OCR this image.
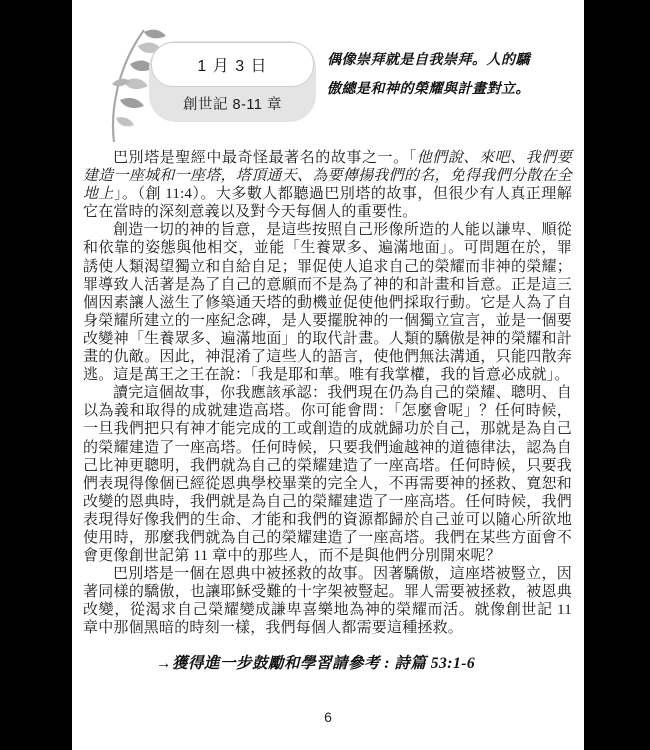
1 月 3 日
創世記 8-11 章
偶像崇拜就是自我崇拜。人的驕傲總是和神的榮耀與計畫對立。

巴別塔是聖經中最奇怪最著名的故事之一。「他們說、來吧、我們要建造一座城和一座塔，塔頂通天、為要傳揚我們的名，免得我們分散在全地上」。（創 11:4）。大多數人都聽過巴別塔的故事，但很少有人真正理解它在當時的深刻意義以及對今天每個人的重要性。

創造一切的神的旨意，是這些按照自己形像所造的人能以謙卑、順從和依靠的姿態與他相交，並能「生養眾多、遍滿地面」。可問題在於，罪誘使人類渴望獨立和自給自足；罪促使人追求自己的榮耀而非神的榮耀；罪導致人活著是為了自己的意願而不是為了神的和計畫和旨意。正是這三個因素讓人滋生了修築通天塔的動機並促使他們採取行動。它是人為了自身榮耀所建立的一座紀念碑，是人要擺脫神的一個獨立宣言，並是一個要改變神「生養眾多、遍滿地面」的取代計畫。人類的驕傲是神的榮耀和計畫的仇敵。因此，神混淆了這些人的語言，使他們無法溝通，只能四散奔逃。這是萬王之王在說：「我是耶和華。唯有我掌權，我的旨意必成就」。

讀完這個故事，你我應該承認：我們現在仍為自己的榮耀、聰明、自以為義和取得的成就建造高塔。你可能會問：「怎麼會呢」？任何時候，一旦我們把只有神才能完成的工或創造的成就歸功於自己，那就是為自己的榮耀建造了一座高塔。任何時候，只要我們逾越神的道德律法，認為自己比神更聰明，我們就為自己的榮耀建造了一座高塔。任何時候，只要我們表現得像個已經從恩典學校畢業的完全人，不再需要神的拯救、寬恕和改變的恩典時，我們就是為自己的榮耀建造了一座高塔。任何時候，我們表現得好像我們的生命、才能和我們的資源都歸於自己並可以隨心所欲地使用時，那麼我們就為自己的榮耀建造了一座高塔。我們在某些方面會不會更像創世記第 11 章中的那些人，而不是與他們分別開來呢？

巴別塔是一個在恩典中被拯救的故事。因著驕傲，這座塔被豎立，因著同樣的驕傲，也讓耶穌受難的十字架被豎起。罪人需要被拯救，被恩典改變，從渴求自己榮耀變成謙卑喜樂地為神的榮耀而活。就像創世記 11 章中那個黑暗的時刻一樣，我們每個人都需要這種拯救。

→獲得進一步鼓勵和學習請參考 : 詩篇 53:1-6
6
